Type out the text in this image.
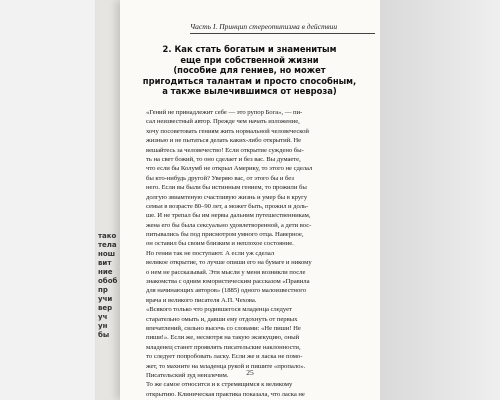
тако
тела
нош
вит
ние
обоб
пр
учи
вер
уч
ун
бы
Часть I. Принцип стереотипизма в действии
2. Как стать богатым и знаменитым
еще при собственной жизни
(пособие для гениев, но может
пригодиться талантам и просто способным,
а также вылечившимся от невроза)
«Гений не принадлежит себе — это рупор Бога», — пи-
сал неизвестный автор. Прежде чем начать изложение,
хочу посоветовать гениям жить нормальной человеческой
жизнью и не пытаться делать каких-либо открытий. Не
вешайтесь за человечество! Если открытие суждено бы-
ть на свет божий, то оно сделает и без вас. Вы думаете,
что если бы Колумб не открыл Америку, то этого не сделал
бы кто-нибудь другой? Уверяю вас, от этого бы и без
него. Если вы были бы истинным гением, то прожили бы
долгую звиамтеную счастливую жизнь и умер бы в кругу
семьи в возрасте 80–90 лет, а может быть, прожил и доль-
ше. И не трепал бы им нервы дальним путешественникам,
жена его бы была сексуально удовлетворенной, а дети вос-
питывались бы под присмотром умного отца. Наверное,
он оставил бы своим близким и неплохое состояние.
Но гении так не поступают. А если уж сделал
великое открытие, то лучше опиши его на бумаге и никому
о нем не рассказывай. Эти мысли у меня возникли после
знакомства с одним юмористическим рассказом «Правила
для начинающих авторов» (1885) одного малоизвестного
врача и великого писателя А.П. Чехова.
«Всякого только что родившегося младенца следует
старательно омыть и, давши ему отдохнуть от первых
впечатлений, сильно высечь со словами: «Не пиши! Не
пиши!». Если же, несмотря на такую экзекуцию, оный
младенец станет проявлять писательские наклонности,
то следует попробовать ласку. Если же и ласка не помо-
жет, то махните на младенца рукой и пишите «пропало».
Писательский зуд неизлечим.
То же самое относится и к стремящимся к великому
открытию. Клиническая практика показала, что ласка не
25
